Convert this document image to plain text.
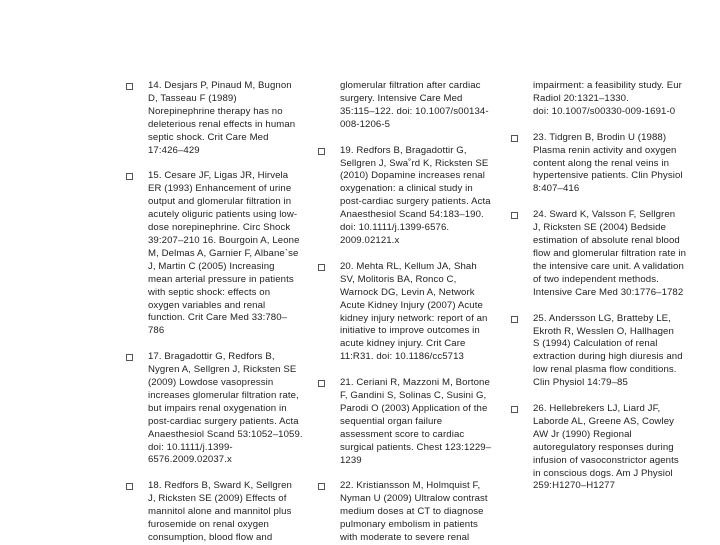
14. Desjars P, Pinaud M, Bugnon
D, Tasseau F (1989)
Norepinephrine therapy has no
deleterious renal effects in human
septic shock. Crit Care Med
17:426–429
15. Cesare JF, Ligas JR, Hirvela
ER (1993) Enhancement of urine
output and glomerular filtration in
acutely oliguric patients using low-
dose norepinephrine. Circ Shock
39:207–210 16. Bourgoin A, Leone
M, Delmas A, Garnier F, Albane`se
J, Martin C (2005) Increasing
mean arterial pressure in patients
with septic shock: effects on
oxygen variables and renal
function. Crit Care Med 33:780–
786
17. Bragadottir G, Redfors B,
Nygren A, Sellgren J, Ricksten SE
(2009) Lowdose vasopressin
increases glomerular filtration rate,
but impairs renal oxygenation in
post-cardiac surgery patients. Acta
Anaesthesiol Scand 53:1052–1059.
doi: 10.1111/j.1399-
6576.2009.02037.x
18. Redfors B, Sward K, Sellgren
J, Ricksten SE (2009) Effects of
mannitol alone and mannitol plus
furosemide on renal oxygen
consumption, blood flow and
glomerular filtration after cardiac
surgery. Intensive Care Med
35:115–122. doi: 10.1007/s00134-
008-1206-5
19. Redfors B, Bragadottir G,
Sellgren J, Swa˚rd K, Ricksten SE
(2010) Dopamine increases renal
oxygenation: a clinical study in
post-cardiac surgery patients. Acta
Anaesthesiol Scand 54:183–190.
doi: 10.1111/j.1399-6576.
2009.02121.x
20. Mehta RL, Kellum JA, Shah
SV, Molitoris BA, Ronco C,
Warnock DG, Levin A, Network
Acute Kidney Injury (2007) Acute
kidney injury network: report of an
initiative to improve outcomes in
acute kidney injury. Crit Care
11:R31. doi: 10.1186/cc5713
21. Ceriani R, Mazzoni M, Bortone
F, Gandini S, Solinas C, Susini G,
Parodi O (2003) Application of the
sequential organ failure
assessment score to cardiac
surgical patients. Chest 123:1229–
1239
22. Kristiansson M, Holmquist F,
Nyman U (2009) Ultralow contrast
medium doses at CT to diagnose
pulmonary embolism in patients
with moderate to severe renal
impairment: a feasibility study. Eur
Radiol 20:1321–1330.
doi: 10.1007/s00330-009-1691-0
23. Tidgren B, Brodin U (1988)
Plasma renin activity and oxygen
content along the renal veins in
hypertensive patients. Clin Physiol
8:407–416
24. Sward K, Valsson F, Sellgren
J, Ricksten SE (2004) Bedside
estimation of absolute renal blood
flow and glomerular filtration rate in
the intensive care unit. A validation
of two independent methods.
Intensive Care Med 30:1776–1782
25. Andersson LG, Bratteby LE,
Ekroth R, Wesslen O, Hallhagen
S (1994) Calculation of renal
extraction during high diuresis and
low renal plasma flow conditions.
Clin Physiol 14:79–85
26. Hellebrekers LJ, Liard JF,
Laborde AL, Greene AS, Cowley
AW Jr (1990) Regional
autoregulatory responses during
infusion of vasoconstrictor agents
in conscious dogs. Am J Physiol
259:H1270–H1277
